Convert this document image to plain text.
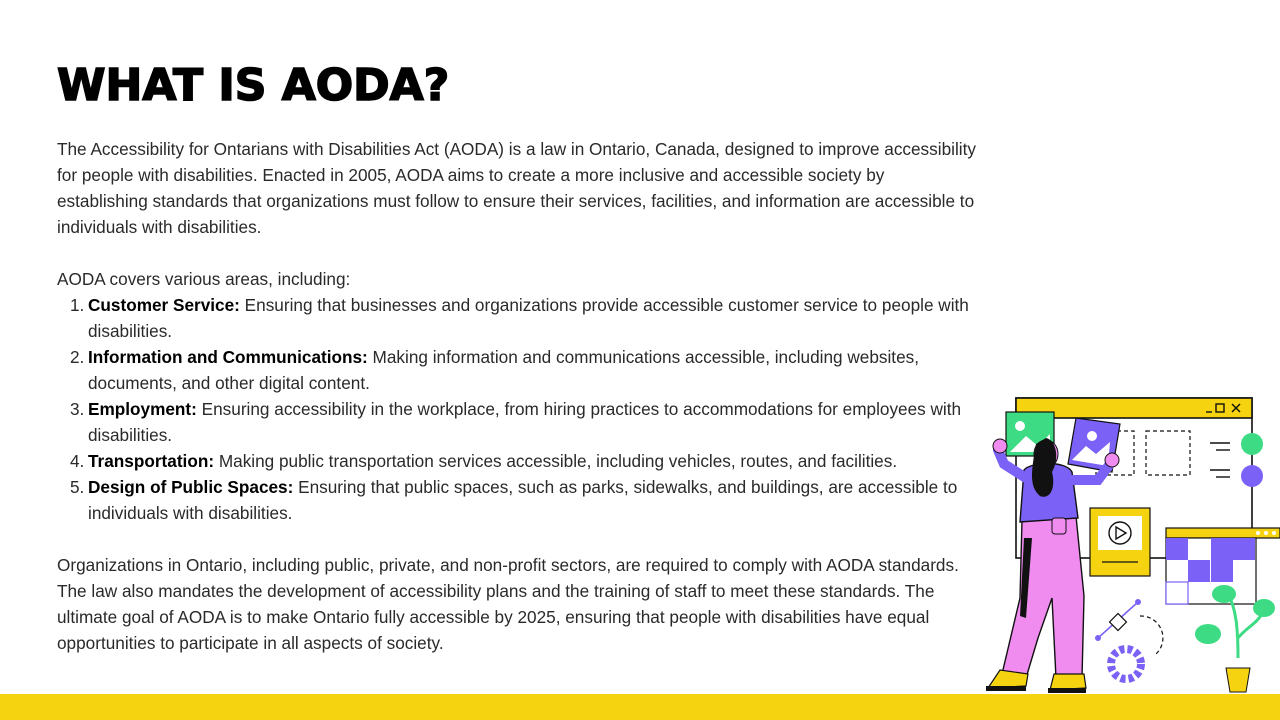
WHAT IS AODA?

The Accessibility for Ontarians with Disabilities Act (AODA) is a law in Ontario, Canada, designed to improve accessibility for people with disabilities. Enacted in 2005, AODA aims to create a more inclusive and accessible society by establishing standards that organizations must follow to ensure their services, facilities, and information are accessible to individuals with disabilities.

AODA covers various areas, including:

1. Customer Service: Ensuring that businesses and organizations provide accessible customer service to people with disabilities.
2. Information and Communications: Making information and communications accessible, including websites, documents, and other digital content.
3. Employment: Ensuring accessibility in the workplace, from hiring practices to accommodations for employees with disabilities.
4. Transportation: Making public transportation services accessible, including vehicles, routes, and facilities.
5. Design of Public Spaces: Ensuring that public spaces, such as parks, sidewalks, and buildings, are accessible to individuals with disabilities.

Organizations in Ontario, including public, private, and non-profit sectors, are required to comply with AODA standards. The law also mandates the development of accessibility plans and the training of staff to meet these standards. The ultimate goal of AODA is to make Ontario fully accessible by 2025, ensuring that people with disabilities have equal opportunities to participate in all aspects of society.
